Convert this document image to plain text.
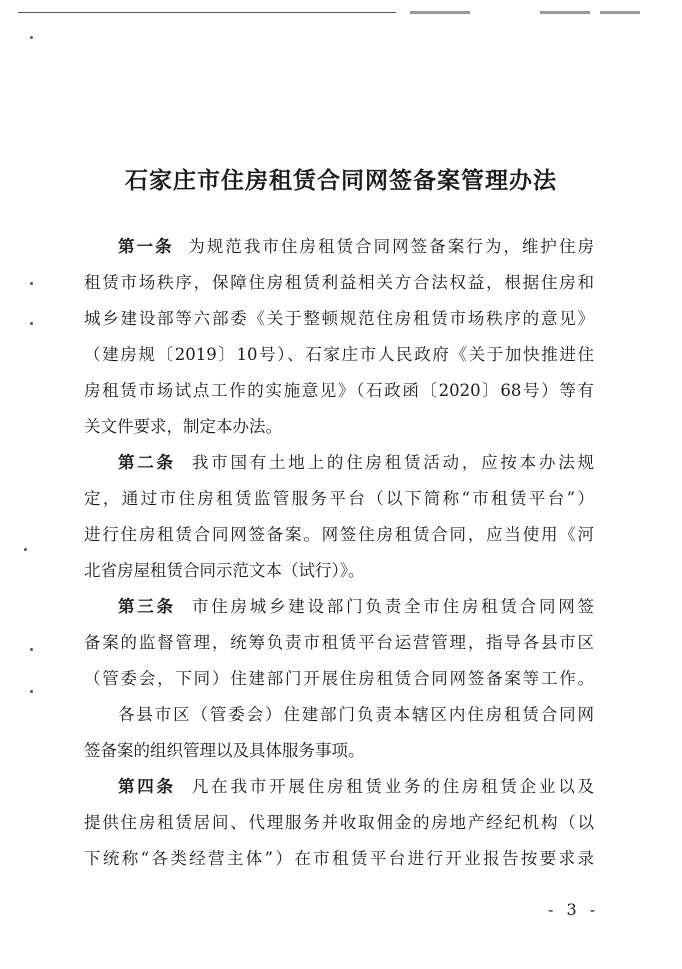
石家庄市住房租赁合同网签备案管理办法
第一条 为规范我市住房租赁合同网签备案行为，维护住房
租赁市场秩序，保障住房租赁利益相关方合法权益，根据住房和
城乡建设部等六部委《关于整顿规范住房租赁市场秩序的意见》
（建房规〔2019〕10号）、石家庄市人民政府《关于加快推进住
房租赁市场试点工作的实施意见》（石政函〔2020〕68号）等有
关文件要求，制定本办法。
第二条 我市国有土地上的住房租赁活动，应按本办法规
定，通过市住房租赁监管服务平台（以下简称“市租赁平台”）
进行住房租赁合同网签备案。网签住房租赁合同，应当使用《河
北省房屋租赁合同示范文本（试行）》。
第三条 市住房城乡建设部门负责全市住房租赁合同网签
备案的监督管理，统筹负责市租赁平台运营管理，指导各县市区
（管委会，下同）住建部门开展住房租赁合同网签备案等工作。
各县市区（管委会）住建部门负责本辖区内住房租赁合同网
签备案的组织管理以及具体服务事项。
第四条 凡在我市开展住房租赁业务的住房租赁企业以及
提供住房租赁居间、代理服务并收取佣金的房地产经纪机构（以
下统称“各类经营主体”）在市租赁平台进行开业报告按要求录
- 3 -
